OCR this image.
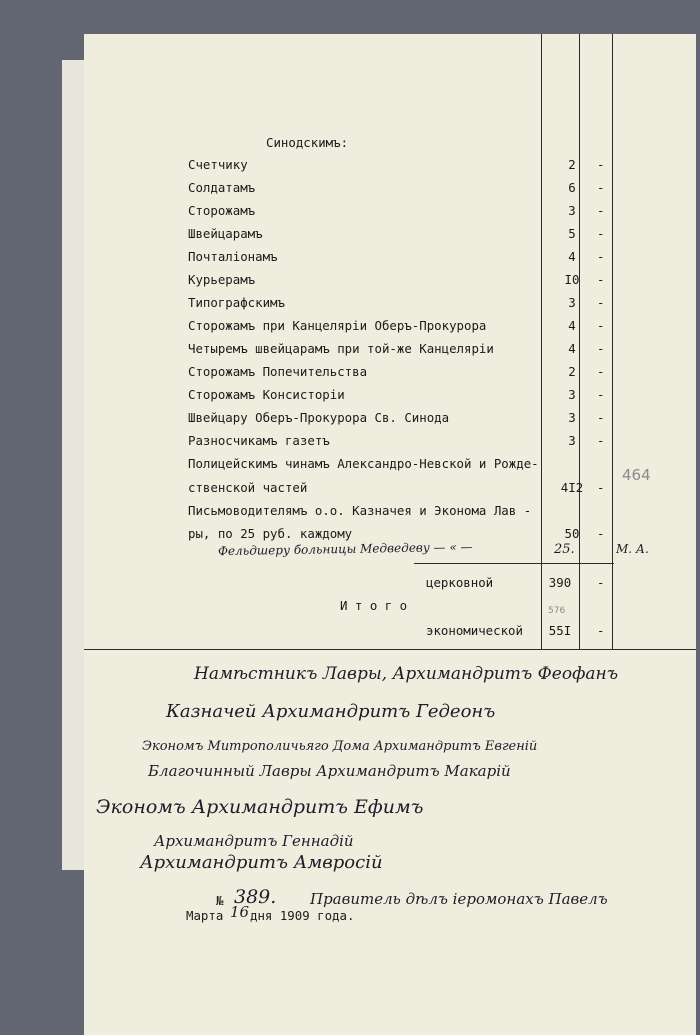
Синодскимъ:
Счетчику	2	-
Солдатамъ	6	-
Сторожамъ	3	-
Швейцарамъ	5	-
Почталіонамъ	4	-
Курьерамъ	I0	-
Типографскимъ	3	-
Сторожамъ при Канцеляріи Оберъ-Прокурора	4	-
Четыремъ швейцарамъ при той-же Канцеляріи	4	-
Сторожамъ Попечительства	2	-
Сторожамъ Консисторіи	3	-
Швейцару Оберъ-Прокурора Св. Синода	3	-
Разносчикамъ газетъ	3	-
Полицейскимъ чинамъ Александро-Невской и Рожде-
ственской частей	4I2	-
Письмоводителямъ о.о. Казначея и Эконома Лав -
ры, по 25 руб. каждому	50	-
Фельдшеру больницы Медведеву — « —	25.	М. А.
церковной	390	-
И т о г о
экономической	55I	-
464
576
Намѣстникъ Лавры, Архимандритъ Феофанъ
Казначей Архимандритъ Гедеонъ
Экономъ Митрополичьяго Дома Архимандритъ Евгеній
Благочинный Лавры Архимандритъ Макарій
Экономъ Архимандритъ Ефимъ
Архимандритъ Геннадій
Архимандритъ Амвросій
№ 389. Правитель дѣлъ іеромонахъ Павелъ
Марта 16 дня 1909 года.
